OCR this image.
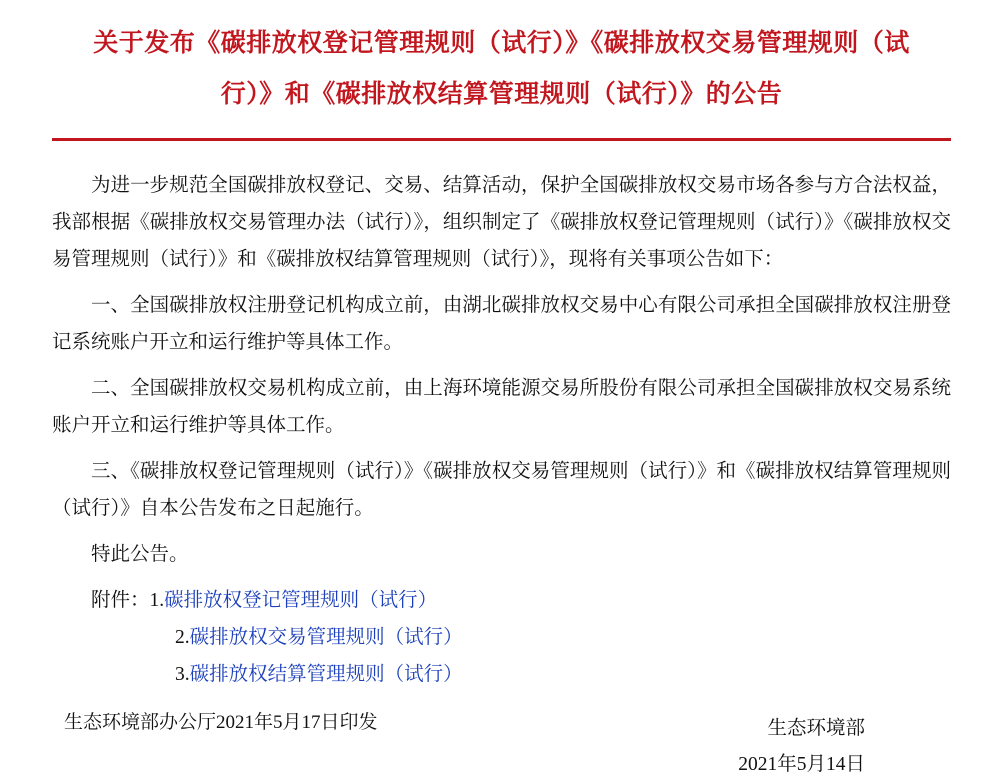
关于发布《碳排放权登记管理规则（试行）》《碳排放权交易管理规则（试行）》和《碳排放权结算管理规则（试行）》的公告

为进一步规范全国碳排放权登记、交易、结算活动，保护全国碳排放权交易市场各参与方合法权益，我部根据《碳排放权交易管理办法（试行）》，组织制定了《碳排放权登记管理规则（试行）》《碳排放权交易管理规则（试行）》和《碳排放权结算管理规则（试行）》，现将有关事项公告如下：

一、全国碳排放权注册登记机构成立前，由湖北碳排放权交易中心有限公司承担全国碳排放权注册登记系统账户开立和运行维护等具体工作。

二、全国碳排放权交易机构成立前，由上海环境能源交易所股份有限公司承担全国碳排放权交易系统账户开立和运行维护等具体工作。

三、《碳排放权登记管理规则（试行）》《碳排放权交易管理规则（试行）》和《碳排放权结算管理规则（试行）》自本公告发布之日起施行。

特此公告。

附件：1.碳排放权登记管理规则（试行）

2.碳排放权交易管理规则（试行）

3.碳排放权结算管理规则（试行）

生态环境部
2021年5月14日
生态环境部办公厅2021年5月17日印发
